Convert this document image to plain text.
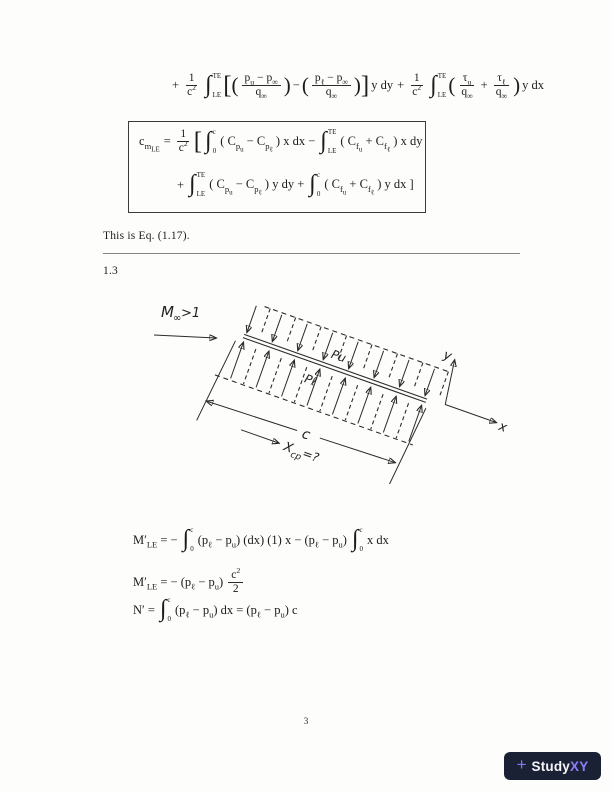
+ $\frac{1}{c^2}$ ∫ TE
LE [ ( $\frac{p_u - p_\infty}{q_\infty}$ ) − ( $\frac{p_\ell - p_\infty}{q_\infty}$ ) ] y dy + $\frac{1}{c^2}$ ∫ TE
LE ( $\frac{\tau_u}{q_\infty} + \frac{\tau_\ell}{q_\infty}$ ) y dx
$c_{m_{LE}}$
= $\frac{1}{c^2}$ [ ∫ c
0
( $C_{p_u} - C_{p_\ell}$ ) x dx − ∫ TE
LE
( $C_{f_u} + C_{f_\ell}$ ) x dy
+ ∫ TE
LE
( $C_{p_u} - C_{p_\ell}$ ) y dy + ∫ c
0
( $C_{f_u} + C_{f_\ell}$ ) y dx ]
This is Eq. (1.17).
1.3
M ∞ >1
Pu
Pℓ
c
X
cp
=?
y
x
$M'_{LE}$ = − ∫ c
0
$(p_\ell - p_u)$ (dx) (1) $x - (p_\ell - p_u)$ ∫ c
0
x dx
$M'_{LE}$ = − $(p_\ell - p_u) \frac{c^2}{2}$
N′ = ∫ c
0
$(p_\ell - p_u)$ dx = $(p_\ell - p_u)$ c
3
+ StudyXY
